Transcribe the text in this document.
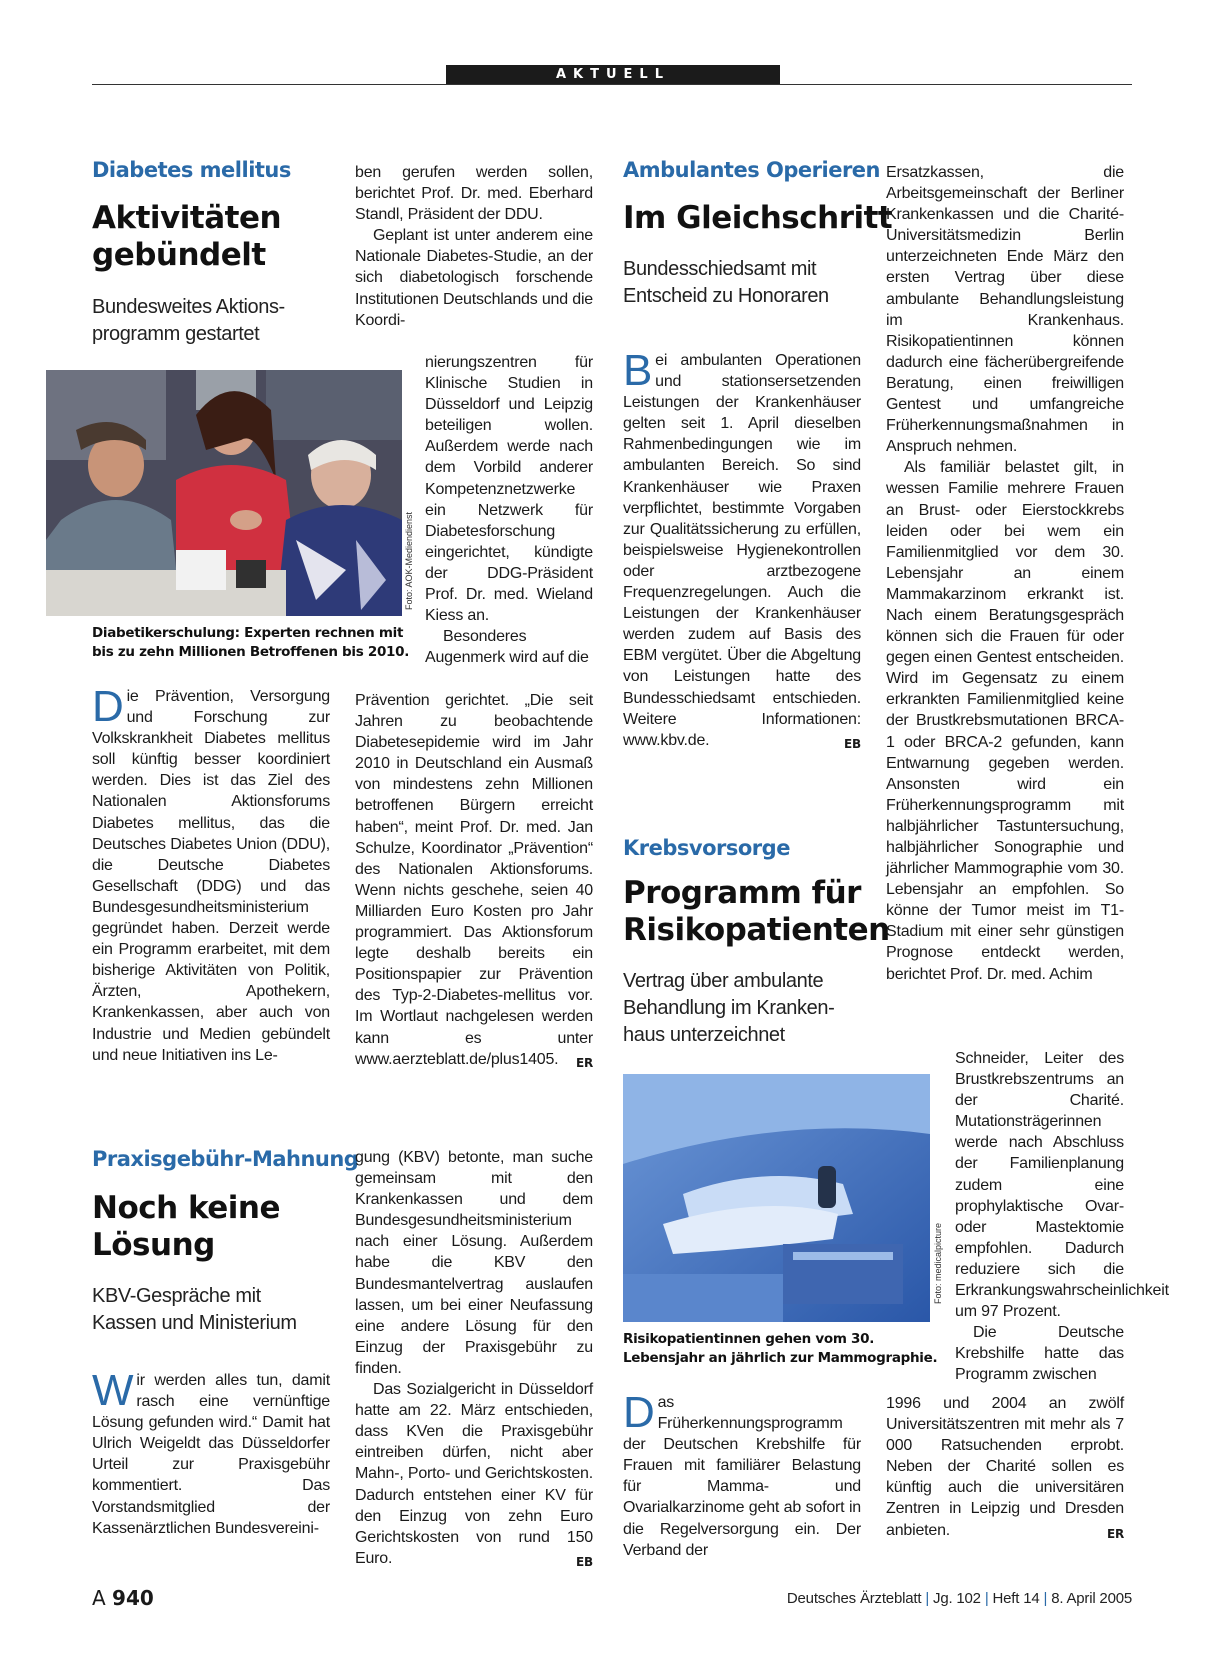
AKTUELL
Diabetes mellitus
Aktivitäten
gebündelt
Bundesweites Aktions-
programm gestartet
Foto: AOK-Mediendienst
Diabetikerschulung: Experten rechnen mit bis zu zehn Millionen Betroffenen bis 2010.

Die Prävention, Versorgung und Forschung zur Volkskrankheit Diabetes mellitus soll künftig besser koordiniert werden. Dies ist das Ziel des Nationalen Aktionsforums Diabetes mellitus, das die Deutsches Diabetes Union (DDU), die Deutsche Diabetes Gesellschaft (DDG) und das Bundesgesundheitsministerium gegründet haben. Derzeit werde ein Programm erarbeitet, mit dem bisherige Aktivitäten von Politik, Ärzten, Apothekern, Krankenkassen, aber auch von Industrie und Medien gebündelt und neue Initiativen ins Le-

ben gerufen werden sollen, berichtet Prof. Dr. med. Eberhard Standl, Präsident der DDU.

Geplant ist unter anderem eine Nationale Diabetes-Studie, an der sich diabetologisch forschende Institutionen Deutschlands und die Koordi-

nierungszentren für Klinische Studien in Düsseldorf und Leipzig beteiligen wollen. Außerdem werde nach dem Vorbild anderer Kompetenznetzwerke ein Netzwerk für Diabetesforschung eingerichtet, kündigte der DDG-Präsident Prof. Dr. med. Wieland Kiess an.

Besonderes Augenmerk wird auf die

Prävention gerichtet. „Die seit Jahren zu beobachtende Diabetesepidemie wird im Jahr 2010 in Deutschland ein Ausmaß von mindestens zehn Millionen betroffenen Bürgern erreicht haben“, meint Prof. Dr. med. Jan Schulze, Koordinator „Prävention“ des Nationalen Aktionsforums. Wenn nichts geschehe, seien 40 Milliarden Euro Kosten pro Jahr programmiert. Das Aktionsforum legte deshalb bereits ein Positionspapier zur Prävention des Typ-2-Diabetes-mellitus vor. Im Wortlaut nachgelesen werden kann es unter www.aerzteblatt.de/plus1405. ER

Praxisgebühr-Mahnung
Noch keine
Lösung
KBV-Gespräche mit
Kassen und Ministerium

Wir werden alles tun, damit rasch eine vernünftige Lösung gefunden wird.“ Damit hat Ulrich Weigeldt das Düsseldorfer Urteil zur Praxisgebühr kommentiert. Das Vorstandsmitglied der Kassenärztlichen Bundesvereini-

gung (KBV) betonte, man suche gemeinsam mit den Krankenkassen und dem Bundesgesundheitsministerium nach einer Lösung. Außerdem habe die KBV den Bundesmantelvertrag auslaufen lassen, um bei einer Neufassung eine andere Lösung für den Einzug der Praxisgebühr zu finden.

Das Sozialgericht in Düsseldorf hatte am 22. März entschieden, dass KVen die Praxisgebühr eintreiben dürfen, nicht aber Mahn-, Porto- und Gerichtskosten. Dadurch entstehen einer KV für den Einzug von zehn Euro Gerichtskosten von rund 150 Euro.	EB

Ambulantes Operieren
Im Gleichschritt
Bundesschiedsamt mit
Entscheid zu Honoraren

Bei ambulanten Operationen und stationsersetzenden Leistungen der Krankenhäuser gelten seit 1. April dieselben Rahmenbedingungen wie im ambulanten Bereich. So sind Krankenhäuser wie Praxen verpflichtet, bestimmte Vorgaben zur Qualitätssicherung zu erfüllen, beispielsweise Hygienekontrollen oder arztbezogene Frequenzregelungen. Auch die Leistungen der Krankenhäuser werden zudem auf Basis des EBM vergütet. Über die Abgeltung von Leistungen hatte des Bundesschiedsamt entschieden. Weitere Informationen: www.kbv.de.	EB

Krebsvorsorge
Programm für
Risikopatienten
Vertrag über ambulante
Behandlung im Kranken-
haus unterzeichnet
Foto: medicalpicture
Risikopatientinnen gehen vom 30. Lebensjahr an jährlich zur Mammographie.

Das Früherkennungsprogramm der Deutschen Krebshilfe für Frauen mit familiärer Belastung für Mamma- und Ovarialkarzinome geht ab sofort in die Regelversorgung ein. Der Verband der

Ersatzkassen, die Arbeitsgemeinschaft der Berliner Krankenkassen und die Charité-Universitätsmedizin Berlin unterzeichneten Ende März den ersten Vertrag über diese ambulante Behandlungsleistung im Krankenhaus. Risikopatientinnen können dadurch eine fächerübergreifende Beratung, einen freiwilligen Gentest und umfangreiche Früherkennungsmaßnahmen in Anspruch nehmen.

Als familiär belastet gilt, in wessen Familie mehrere Frauen an Brust- oder Eierstockkrebs leiden oder bei wem ein Familienmitglied vor dem 30. Lebensjahr an einem Mammakarzinom erkrankt ist. Nach einem Beratungsgespräch können sich die Frauen für oder gegen einen Gentest entscheiden. Wird im Gegensatz zu einem erkrankten Familienmitglied keine der Brustkrebsmutationen BRCA-1 oder BRCA-2 gefunden, kann Entwarnung gegeben werden. Ansonsten wird ein Früherkennungsprogramm mit halbjährlicher Tastuntersuchung, halbjährlicher Sonographie und jährlicher Mammographie vom 30. Lebensjahr an empfohlen. So könne der Tumor meist im T1-Stadium mit einer sehr günstigen Prognose entdeckt werden, berichtet Prof. Dr. med. Achim

Schneider, Leiter des Brustkrebszentrums an der Charité. Mutationsträgerinnen werde nach Abschluss der Familienplanung zudem eine prophylaktische Ovar- oder Mastektomie empfohlen. Dadurch reduziere sich die Erkrankungswahrscheinlichkeit um 97 Prozent.

Die Deutsche Krebshilfe hatte das Programm zwischen

1996 und 2004 an zwölf Universitätszentren mit mehr als 7 000 Ratsuchenden erprobt. Neben der Charité sollen es künftig auch die universitären Zentren in Leipzig und Dresden anbieten.	ER

A 940	Deutsches Ärzteblatt | Jg. 102 | Heft 14 | 8. April 2005
